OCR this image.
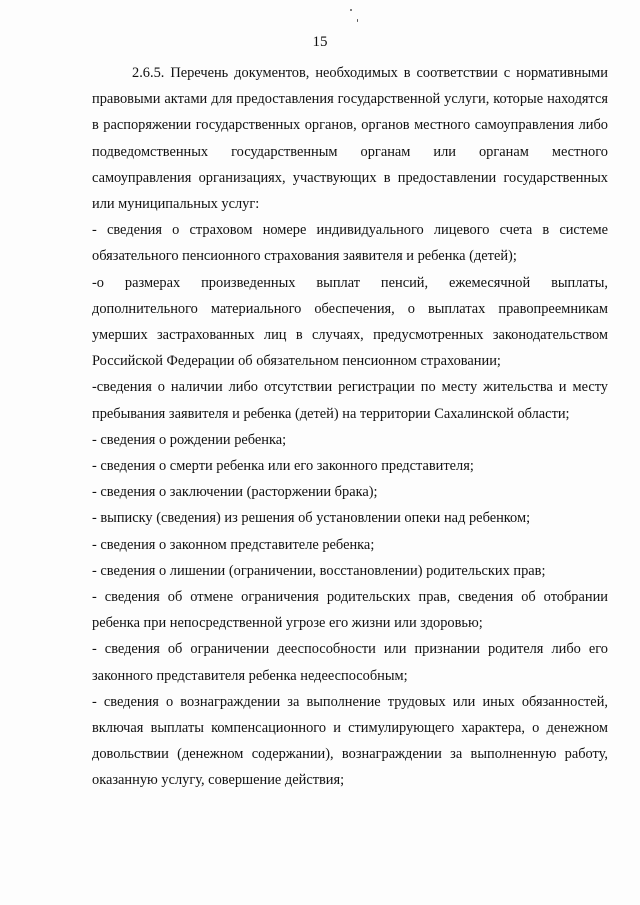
15

2.6.5. Перечень документов, необходимых в соответствии с нормативными правовыми актами для предоставления государственной услуги, которые находятся в распоряжении государственных органов, органов местного самоуправления либо подведомственных государственным органам или органам местного самоуправления организациях, участвующих в предоставлении государственных или муниципальных услуг:

- сведения о страховом номере индивидуального лицевого счета в системе обязательного пенсионного страхования заявителя и ребенка (детей);

-о размерах произведенных выплат пенсий, ежемесячной выплаты, дополнительного материального обеспечения, о выплатах правопреемникам умерших застрахованных лиц в случаях, предусмотренных законодательством Российской Федерации об обязательном пенсионном страховании;

-сведения о наличии либо отсутствии регистрации по месту жительства и месту пребывания заявителя и ребенка (детей) на территории Сахалинской области;

- сведения о рождении ребенка;

- сведения о смерти ребенка или его законного представителя;

- сведения о заключении (расторжении брака);

- выписку (сведения) из решения об установлении опеки над ребенком;

- сведения о законном представителе ребенка;

- сведения о лишении (ограничении, восстановлении) родительских прав;

- сведения об отмене ограничения родительских прав, сведения об отобрании ребенка при непосредственной угрозе его жизни или здоровью;

- сведения об ограничении дееспособности или признании родителя либо его законного представителя ребенка недееспособным;

- сведения о вознаграждении за выполнение трудовых или иных обязанностей, включая выплаты компенсационного и стимулирующего характера, о денежном довольствии (денежном содержании), вознаграждении за выполненную работу, оказанную услугу, совершение действия;
